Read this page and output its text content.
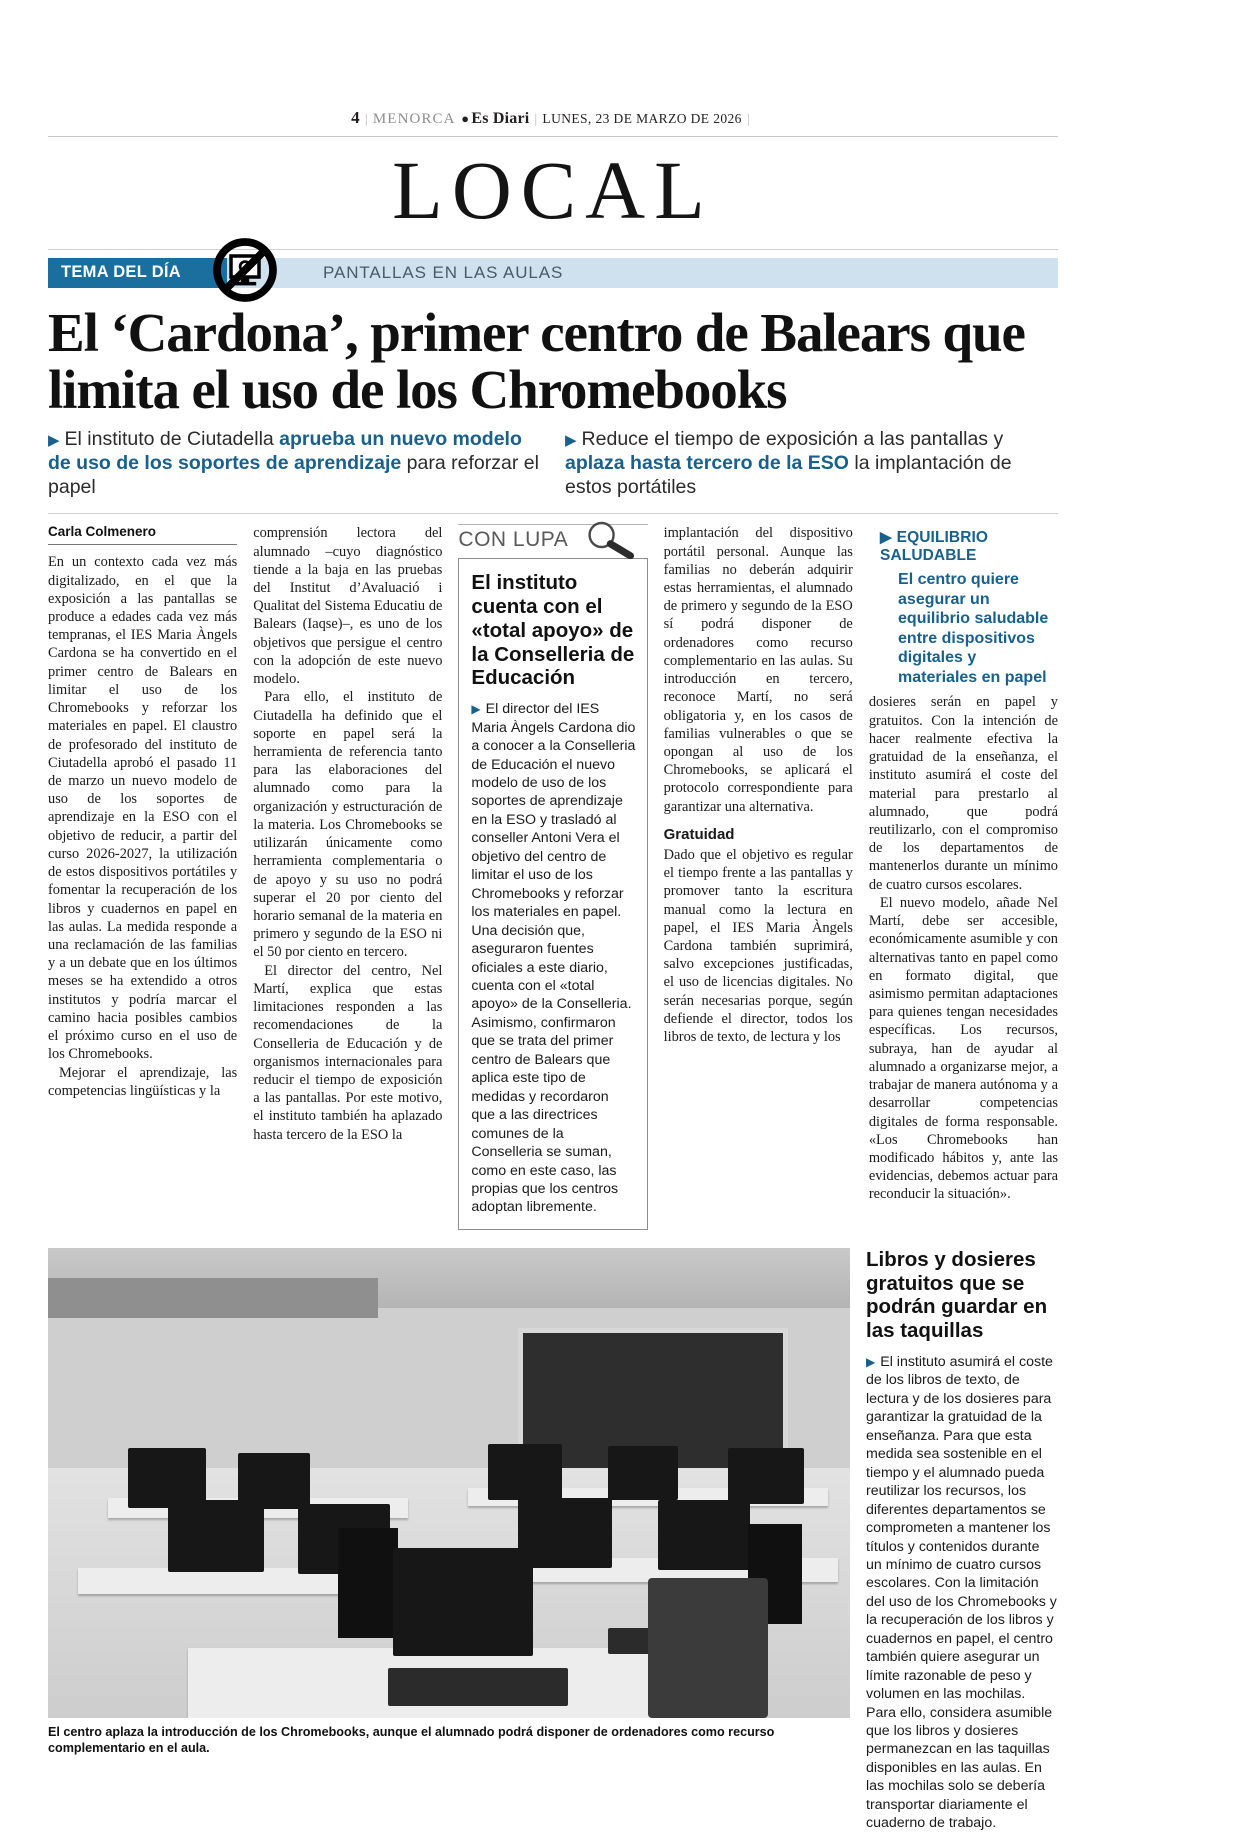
4 | MENORCA ● Es Diari | LUNES, 23 DE MARZO DE 2026 |
LOCAL
TEMA DEL DÍA	PANTALLAS EN LAS AULAS
El ‘Cardona’, primer centro de Balears que limita el uso de los Chromebooks
▶ El instituto de Ciutadella aprueba un nuevo modelo de uso de los soportes de aprendizaje para reforzar el papel
▶ Reduce el tiempo de exposición a las pantallas y aplaza hasta tercero de la ESO la implantación de estos portátiles
Carla Colmenero

En un contexto cada vez más digitalizado, en el que la exposición a las pantallas se produce a edades cada vez más tempranas, el IES Maria Àngels Cardona se ha convertido en el primer centro de Balears en limitar el uso de los Chromebooks y reforzar los materiales en papel. El claustro de profesorado del instituto de Ciutadella aprobó el pasado 11 de marzo un nuevo modelo de uso de los soportes de aprendizaje en la ESO con el objetivo de reducir, a partir del curso 2026-2027, la utilización de estos dispositivos portátiles y fomentar la recuperación de los libros y cuadernos en papel en las aulas. La medida responde a una reclamación de las familias y a un debate que en los últimos meses se ha extendido a otros institutos y podría marcar el camino hacia posibles cambios el próximo curso en el uso de los Chromebooks.

Mejorar el aprendizaje, las competencias lingüísticas y la

comprensión lectora del alumnado –cuyo diagnóstico tiende a la baja en las pruebas del Institut d’Avaluació i Qualitat del Sistema Educatiu de Balears (Iaqse)–, es uno de los objetivos que persigue el centro con la adopción de este nuevo modelo.

Para ello, el instituto de Ciutadella ha definido que el soporte en papel será la herramienta de referencia tanto para las elaboraciones del alumnado como para la organización y estructuración de la materia. Los Chromebooks se utilizarán únicamente como herramienta complementaria o de apoyo y su uso no podrá superar el 20 por ciento del horario semanal de la materia en primero y segundo de la ESO ni el 50 por ciento en tercero.

El director del centro, Nel Martí, explica que estas limitaciones responden a las recomendaciones de la Conselleria de Educación y de organismos internacionales para reducir el tiempo de exposición a las pantallas. Por este motivo, el instituto también ha aplazado hasta tercero de la ESO la

CON LUPA
El instituto cuenta con el «total apoyo» de la Conselleria de Educación

▶ El director del IES Maria Àngels Cardona dio a conocer a la Conselleria de Educación el nuevo modelo de uso de los soportes de aprendizaje en la ESO y trasladó al conseller Antoni Vera el objetivo del centro de limitar el uso de los Chromebooks y reforzar los materiales en papel. Una decisión que, aseguraron fuentes oficiales a este diario, cuenta con el «total apoyo» de la Conselleria. Asimismo, confirmaron que se trata del primer centro de Balears que aplica este tipo de medidas y recordaron que a las directrices comunes de la Conselleria se suman, como en este caso, las propias que los centros adoptan libremente.

implantación del dispositivo portátil personal. Aunque las familias no deberán adquirir estas herramientas, el alumnado de primero y segundo de la ESO sí podrá disponer de ordenadores como recurso complementario en las aulas. Su introducción en tercero, reconoce Martí, no será obligatoria y, en los casos de familias vulnerables o que se opongan al uso de los Chromebooks, se aplicará el protocolo correspondiente para garantizar una alternativa.

Gratuidad

Dado que el objetivo es regular el tiempo frente a las pantallas y promover tanto la escritura manual como la lectura en papel, el IES Maria Àngels Cardona también suprimirá, salvo excepciones justificadas, el uso de licencias digitales. No serán necesarias porque, según defiende el director, todos los libros de texto, de lectura y los

▶ EQUILIBRIO SALUDABLE
El centro quiere asegurar un equilibrio saludable entre dispositivos digitales y materiales en papel

dosieres serán en papel y gratuitos. Con la intención de hacer realmente efectiva la gratuidad de la enseñanza, el instituto asumirá el coste del material para prestarlo al alumnado, que podrá reutilizarlo, con el compromiso de los departamentos de mantenerlos durante un mínimo de cuatro cursos escolares.

El nuevo modelo, añade Nel Martí, debe ser accesible, económicamente asumible y con alternativas tanto en papel como en formato digital, que asimismo permitan adaptaciones para quienes tengan necesidades específicas. Los recursos, subraya, han de ayudar al alumnado a organizarse mejor, a trabajar de manera autónoma y a desarrollar competencias digitales de forma responsable. «Los Chromebooks han modificado hábitos y, ante las evidencias, debemos actuar para reconducir la situación».

El centro aplaza la introducción de los Chromebooks, aunque el alumnado podrá disponer de ordenadores como recurso complementario en el aula.
Libros y dosieres gratuitos que se podrán guardar en las taquillas

▶ El instituto asumirá el coste de los libros de texto, de lectura y de los dosieres para garantizar la gratuidad de la enseñanza. Para que esta medida sea sostenible en el tiempo y el alumnado pueda reutilizar los recursos, los diferentes departamentos se comprometen a mantener los títulos y contenidos durante un mínimo de cuatro cursos escolares. Con la limitación del uso de los Chromebooks y la recuperación de los libros y cuadernos en papel, el centro también quiere asegurar un límite razonable de peso y volumen en las mochilas. Para ello, considera asumible que los libros y dosieres permanezcan en las taquillas disponibles en las aulas. En las mochilas solo se debería transportar diariamente el cuaderno de trabajo.
